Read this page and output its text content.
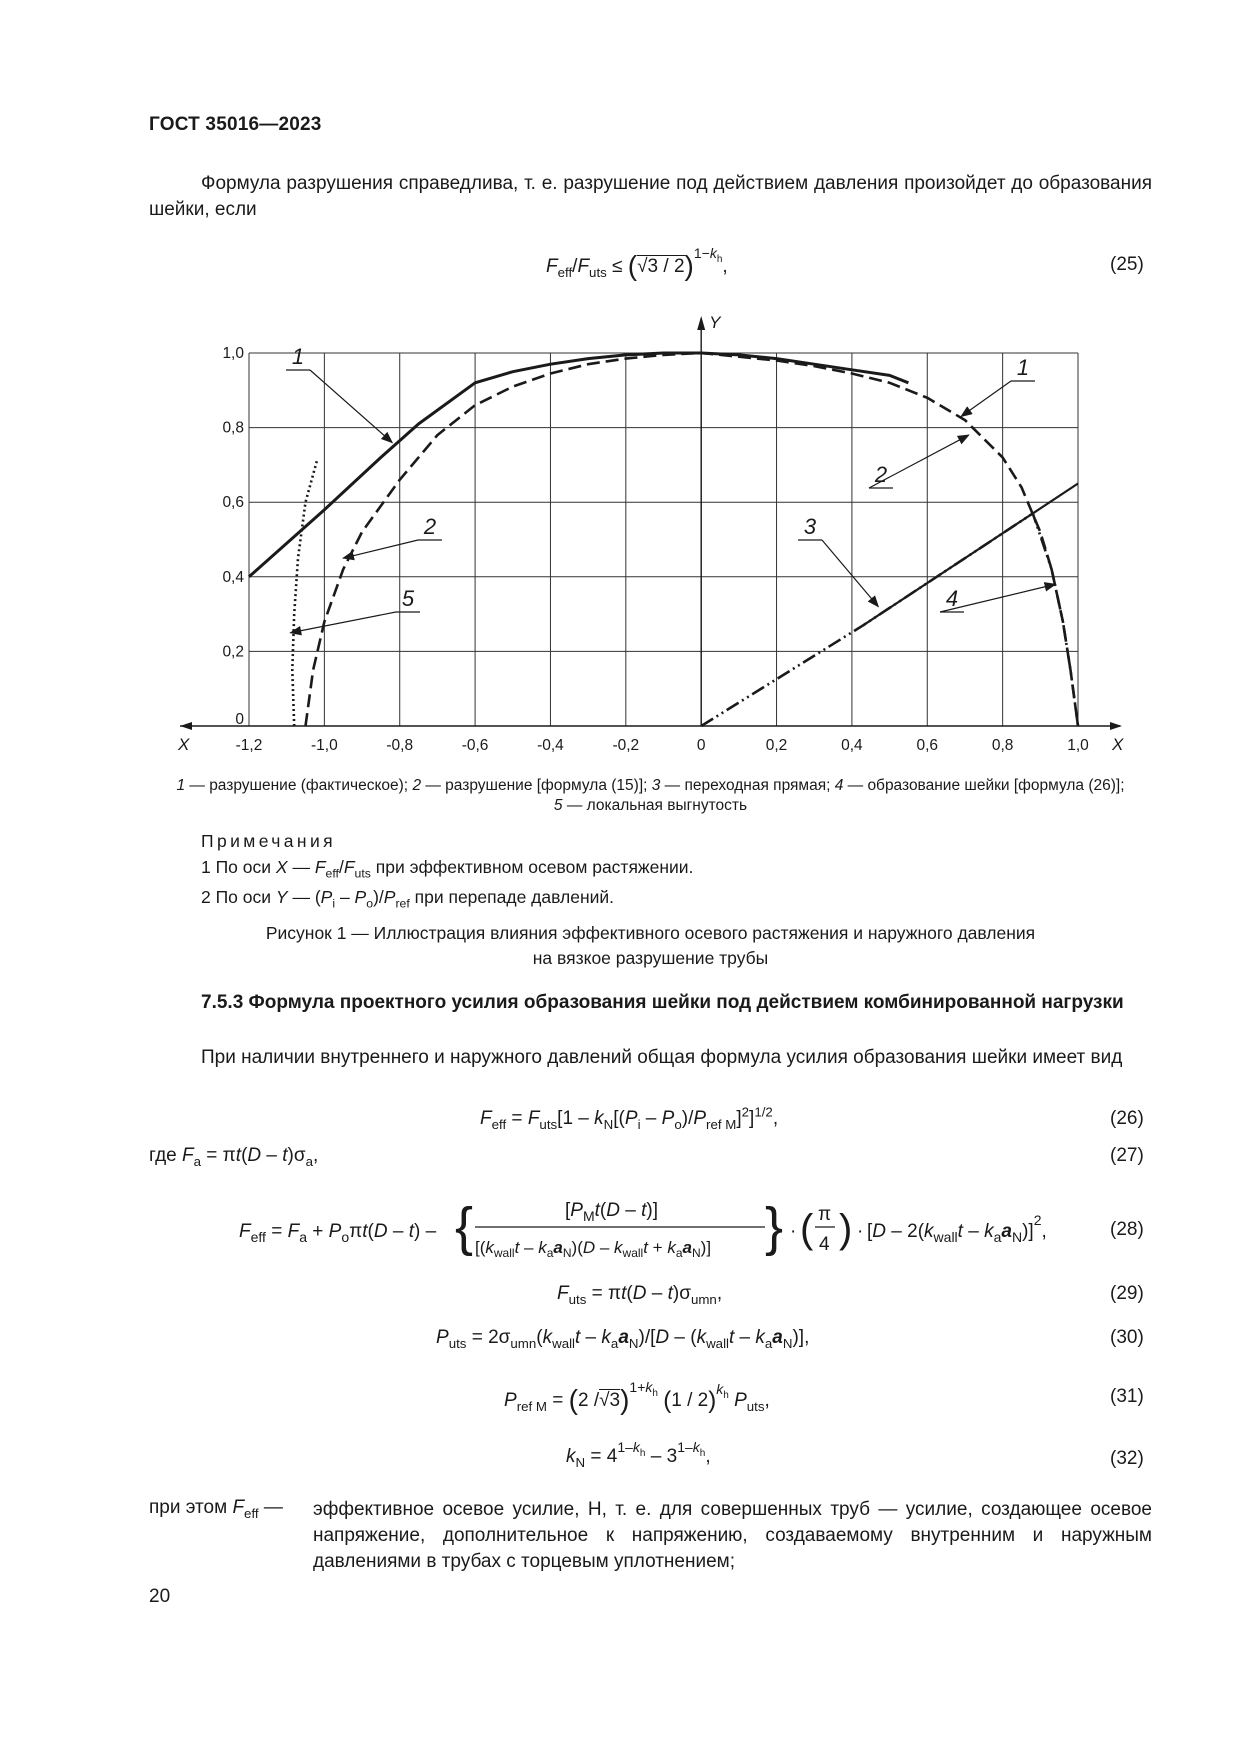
ГОСТ 35016—2023
Формула разрушения справедлива, т. е. разрушение под действием давления произойдет до образования шейки, если
$F_{eff}/F_{uts} \le (√3 / 2)^{1-k_h}$,	(25)
X
X
Y
-1,2	-1,0	-0,8	-0,6	-0,4	-0,2	0	0,2	0,4	0,6	0,8	1,0
0
0,2
0,4
0,6
0,8
1,0 1
2	3
4
5
1
2
1 — разрушение (фактическое); 2 — разрушение [формула (15)]; 3 — переходная прямая; 4 — образование шейки [формула (26)];
5 — локальная выгнутость
Примечания
1 По оси X — $F_{eff}/F_{uts}$ при эффективном осевом растяжении.
2 По оси Y — $(P_i - P_o)/P_{ref}$ при перепаде давлений.
Рисунок 1 — Иллюстрация влияния эффективного осевого растяжения и наружного давления
на вязкое разрушение трубы
7.5.3 Формула проектного усилия образования шейки под действием комбинированной нагрузки
При наличии внутреннего и наружного давлений общая формула усилия образования шейки имеет вид
$F_{eff} = F_{uts}[1 - k_N[(P_i - P_o)/P_{ref M}]^2]^{1/2}$,	(26)
где $F_a = \pi t(D - t)\sigma_a$,	(27)
$F_{eff} = F_a + P_o\pi t(D - t)$ – {	$[P_Mt(D - t)]$
$[(k_{wall}t - k_aa_N)(D - k_{wall}t + k_aa_N)]$ } · ( π
4 ) · $[D - 2(k_{wall}t - k_aa_N)]^2$,	(28)
$F_{uts} = \pi t(D - t)\sigma_{umn}$,	(29)
$P_{uts} = 2\sigma_{umn}(k_{wall}t - k_aa_N)/[D - (k_{wall}t - k_aa_N)]$,	(30)
$P_{ref M} = (2$ /√3)$^{1+k_h}$ (1 / 2)$^{k_h}$ $P_{uts}$,	(31)
$k_N = 4^{1-k_h} - 3^{1-k_h}$,	(32)
при этом $F_{eff}$ — эффективное осевое усилие, Н, т. е. для совершенных труб — усилие, создающее осевое напряжение, дополнительное к напряжению, создаваемому внутренним и наружным давлениями в трубах с торцевым уплотнением;
20
